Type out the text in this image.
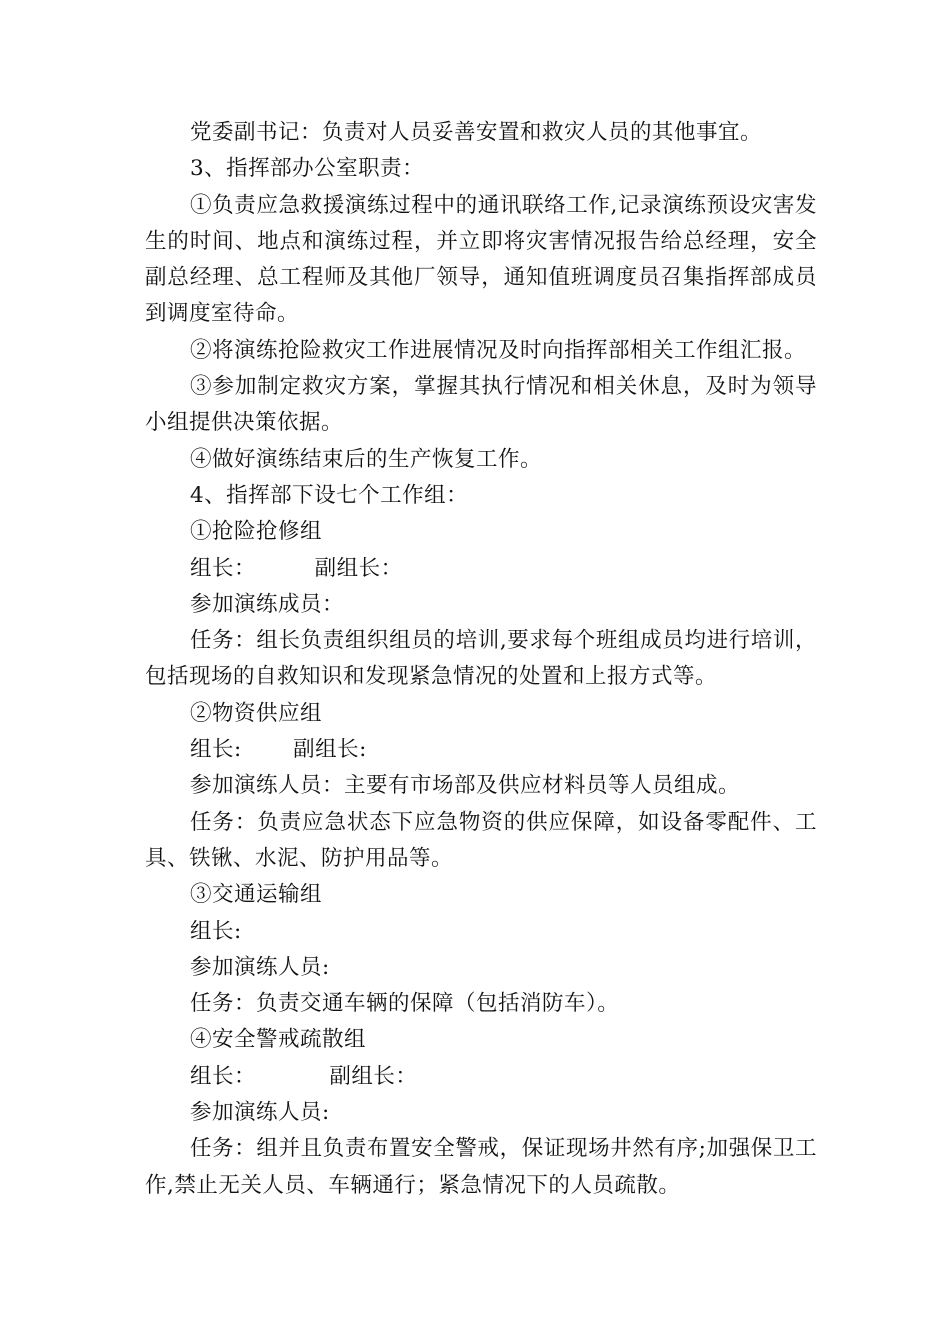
党委副书记：负责对人员妥善安置和救灾人员的其他事宜。

3、指挥部办公室职责：

①负责应急救援演练过程中的通讯联络工作,记录演练预设灾害发生的时间、地点和演练过程，并立即将灾害情况报告给总经理，安全副总经理、总工程师及其他厂领导，通知值班调度员召集指挥部成员到调度室待命。

②将演练抢险救灾工作进展情况及时向指挥部相关工作组汇报。

③参加制定救灾方案，掌握其执行情况和相关休息，及时为领导小组提供决策依据。

④做好演练结束后的生产恢复工作。

4、指挥部下设七个工作组：

①抢险抢修组

组长：        副组长：

参加演练成员：

任务：组长负责组织组员的培训,要求每个班组成员均进行培训，包括现场的自救知识和发现紧急情况的处置和上报方式等。

②物资供应组

组长:       副组长:

参加演练人员：主要有市场部及供应材料员等人员组成。

任务：负责应急状态下应急物资的供应保障，如设备零配件、工具、铁锹、水泥、防护用品等。

③交通运输组

组长:

参加演练人员:

任务：负责交通车辆的保障（包括消防车）。

④安全警戒疏散组

组长：          副组长：

参加演练人员:

任务：组并且负责布置安全警戒，保证现场井然有序;加强保卫工作,禁止无关人员、车辆通行；紧急情况下的人员疏散。
